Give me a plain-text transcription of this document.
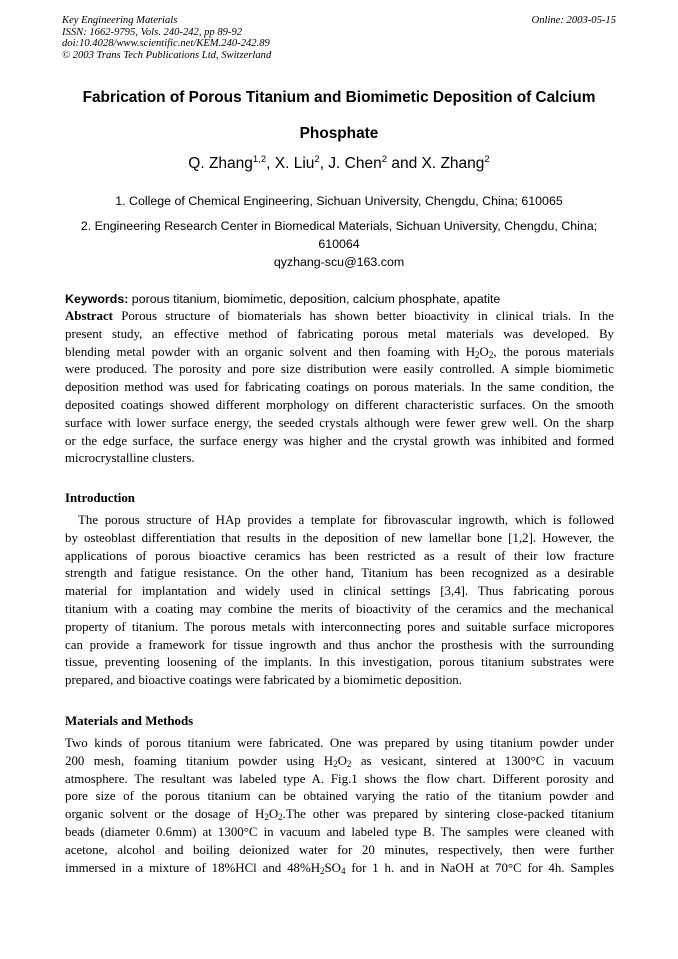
Key Engineering Materials
ISSN: 1662-9795, Vols. 240-242, pp 89-92
doi:10.4028/www.scientific.net/KEM.240-242.89
© 2003 Trans Tech Publications Ltd, Switzerland
Online: 2003-05-15
Fabrication of Porous Titanium and Biomimetic Deposition of Calcium
Phosphate
Q. Zhang$^{1,2}$, X. Liu$^2$, J. Chen$^2$ and X. Zhang$^2$
1. College of Chemical Engineering, Sichuan University, Chengdu, China; 610065
2. Engineering Research Center in Biomedical Materials, Sichuan University, Chengdu, China;
610064
qyzhang-scu@163.com
Keywords: porous titanium, biomimetic, deposition, calcium phosphate, apatite
Abstract Porous structure of biomaterials has shown better bioactivity in clinical trials. In the
present study, an effective method of fabricating porous metal materials was developed. By
blending metal powder with an organic solvent and then foaming with $H_2O_2$, the porous materials
were produced. The porosity and pore size distribution were easily controlled. A simple biomimetic
deposition method was used for fabricating coatings on porous materials. In the same condition, the
deposited coatings showed different morphology on different characteristic surfaces. On the smooth
surface with lower surface energy, the seeded crystals although were fewer grew well. On the sharp
or the edge surface, the surface energy was higher and the crystal growth was inhibited and formed
microcrystalline clusters.
Introduction
The porous structure of HAp provides a template for fibrovascular ingrowth, which is followed
by osteoblast differentiation that results in the deposition of new lamellar bone [1,2]. However, the
applications of porous bioactive ceramics has been restricted as a result of their low fracture
strength and fatigue resistance. On the other hand, Titanium has been recognized as a desirable
material for implantation and widely used in clinical settings [3,4]. Thus fabricating porous
titanium with a coating may combine the merits of bioactivity of the ceramics and the mechanical
property of titanium. The porous metals with interconnecting pores and suitable surface micropores
can provide a framework for tissue ingrowth and thus anchor the prosthesis with the surrounding
tissue, preventing loosening of the implants. In this investigation, porous titanium substrates were
prepared, and bioactive coatings were fabricated by a biomimetic deposition.
Materials and Methods
Two kinds of porous titanium were fabricated. One was prepared by using titanium powder under
200 mesh, foaming titanium powder using $H_2O_2$ as vesicant, sintered at 1300°C in vacuum
atmosphere. The resultant was labeled type A. Fig.1 shows the flow chart. Different porosity and
pore size of the porous titanium can be obtained varying the ratio of the titanium powder and
organic solvent or the dosage of $H_2O_2.The$ other was prepared by sintering close-packed titanium
beads (diameter 0.6mm) at 1300°C in vacuum and labeled type B. The samples were cleaned with
acetone, alcohol and boiling deionized water for 20 minutes, respectively, then were further
immersed in a mixture of 18%HCl and $48\%H_2SO_4$ for 1 h. and in NaOH at 70°C for 4h. Samples
